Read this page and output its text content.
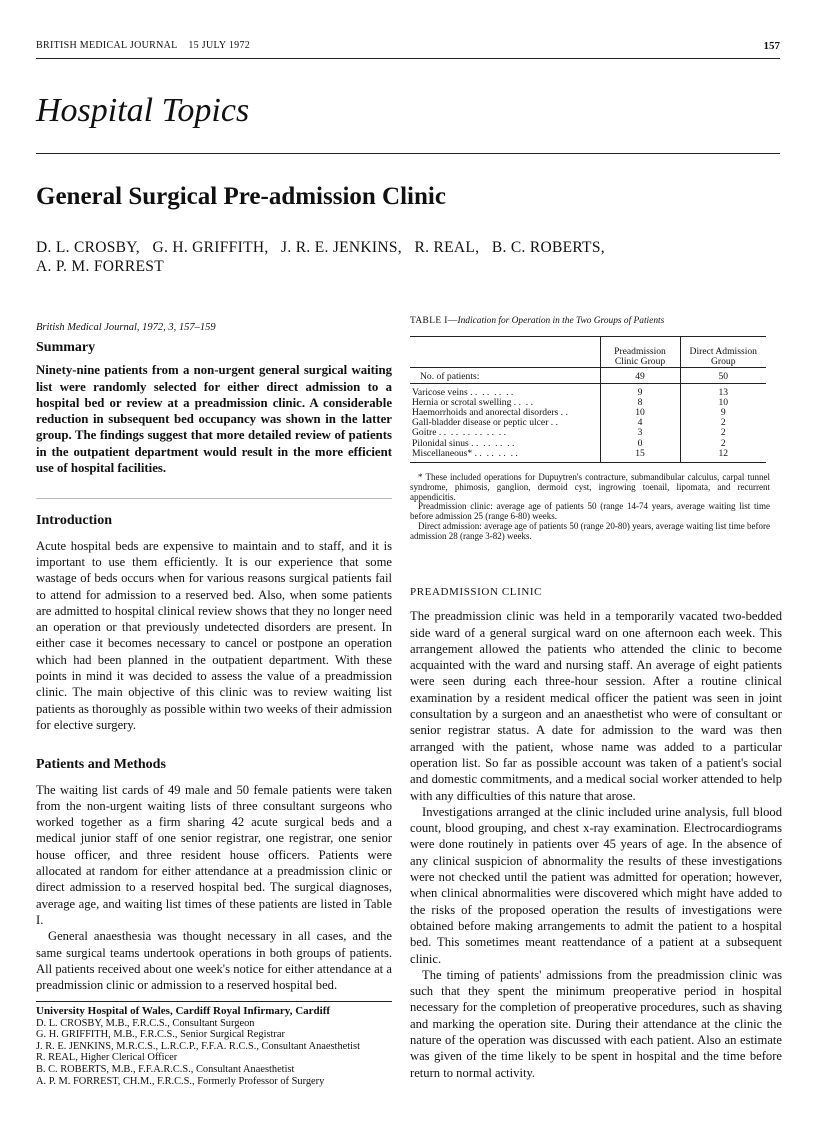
BRITISH MEDICAL JOURNAL 15 JULY 1972	157
Hospital Topics
General Surgical Pre-admission Clinic
D. L. CROSBY,   G. H. GRIFFITH,   J. R. E. JENKINS,   R. REAL,   B. C. ROBERTS,
A. P. M. FORREST
British Medical Journal, 1972, 3, 157–159
Summary

Ninety-nine patients from a non-urgent general surgical waiting list were randomly selected for either direct admission to a hospital bed or review at a preadmission clinic. A considerable reduction in subsequent bed occupancy was shown in the latter group. The findings suggest that more detailed review of patients in the outpatient department would result in the more efficient use of hospital facilities.

Introduction

Acute hospital beds are expensive to maintain and to staff, and it is important to use them efficiently. It is our experience that some wastage of beds occurs when for various reasons surgical patients fail to attend for admission to a reserved bed. Also, when some patients are admitted to hospital clinical review shows that they no longer need an operation or that previously undetected disorders are present. In either case it becomes necessary to cancel or postpone an operation which had been planned in the outpatient department. With these points in mind it was decided to assess the value of a preadmission clinic. The main objective of this clinic was to review waiting list patients as thoroughly as possible within two weeks of their admission for elective surgery.

Patients and Methods

The waiting list cards of 49 male and 50 female patients were taken from the non-urgent waiting lists of three consultant surgeons who worked together as a firm sharing 42 acute surgical beds and a medical junior staff of one senior registrar, one registrar, one senior house officer, and three resident house officers. Patients were allocated at random for either attendance at a preadmission clinic or direct admission to a reserved hospital bed. The surgical diagnoses, average age, and waiting list times of these patients are listed in Table I.

General anaesthesia was thought necessary in all cases, and the same surgical teams undertook operations in both groups of patients. All patients received about one week's notice for either attendance at a preadmission clinic or admission to a reserved hospital bed.

University Hospital of Wales, Cardiff Royal Infirmary, Cardiff
D. L. CROSBY, M.B., F.R.C.S., Consultant Surgeon
G. H. GRIFFITH, M.B., F.R.C.S., Senior Surgical Registrar
J. R. E. JENKINS, M.R.C.S., L.R.C.P., F.F.A. R.C.S., Consultant Anaesthetist
R. REAL, Higher Clerical Officer
B. C. ROBERTS, M.B., F.F.A.R.C.S., Consultant Anaesthetist
A. P. M. FORREST, CH.M., F.R.C.S., Formerly Professor of Surgery
TABLE I—Indication for Operation in the Two Groups of Patients
	Preadmission Clinic Group	Direct Admission Group
No. of patients:	49	50

Varicose veins . .  . .  . .  . .	9	13
Hernia or scrotal swelling . .  . .	8	10
Haemorrhoids and anorectal disorders . .	10	9
Gall-bladder disease or peptic ulcer . .	4	2
Goitre . .  . .  . .  . .  . .  . .	3	2
Pilonidal sinus . .  . .  . .  . .	0	2
Miscellaneous* . .  . .  . .  . .	15	12

* These included operations for Dupuytren's contracture, submandibular calculus, carpal tunnel syndrome, phimosis, ganglion, dermoid cyst, ingrowing toenail, lipomata, and recurrent appendicitis.

Preadmission clinic: average age of patients 50 (range 14-74 years, average waiting list time before admission 25 (range 6-80) weeks.

Direct admission: average age of patients 50 (range 20-80) years, average waiting list time before admission 28 (range 3-82) weeks.

PREADMISSION CLINIC

The preadmission clinic was held in a temporarily vacated two-bedded side ward of a general surgical ward on one afternoon each week. This arrangement allowed the patients who attended the clinic to become acquainted with the ward and nursing staff. An average of eight patients were seen during each three-hour session. After a routine clinical examination by a resident medical officer the patient was seen in joint consultation by a surgeon and an anaesthetist who were of consultant or senior registrar status. A date for admission to the ward was then arranged with the patient, whose name was added to a particular operation list. So far as possible account was taken of a patient's social and domestic commitments, and a medical social worker attended to help with any difficulties of this nature that arose.

Investigations arranged at the clinic included urine analysis, full blood count, blood grouping, and chest x-ray examination. Electrocardiograms were done routinely in patients over 45 years of age. In the absence of any clinical suspicion of abnormality the results of these investigations were not checked until the patient was admitted for operation; however, when clinical abnormalities were discovered which might have added to the risks of the proposed operation the results of investigations were obtained before making arrangements to admit the patient to a hospital bed. This sometimes meant reattendance of a patient at a subsequent clinic.

The timing of patients' admissions from the preadmission clinic was such that they spent the minimum preoperative period in hospital necessary for the completion of preoperative procedures, such as shaving and marking the operation site. During their attendance at the clinic the nature of the operation was discussed with each patient. Also an estimate was given of the time likely to be spent in hospital and the time before return to normal activity.
